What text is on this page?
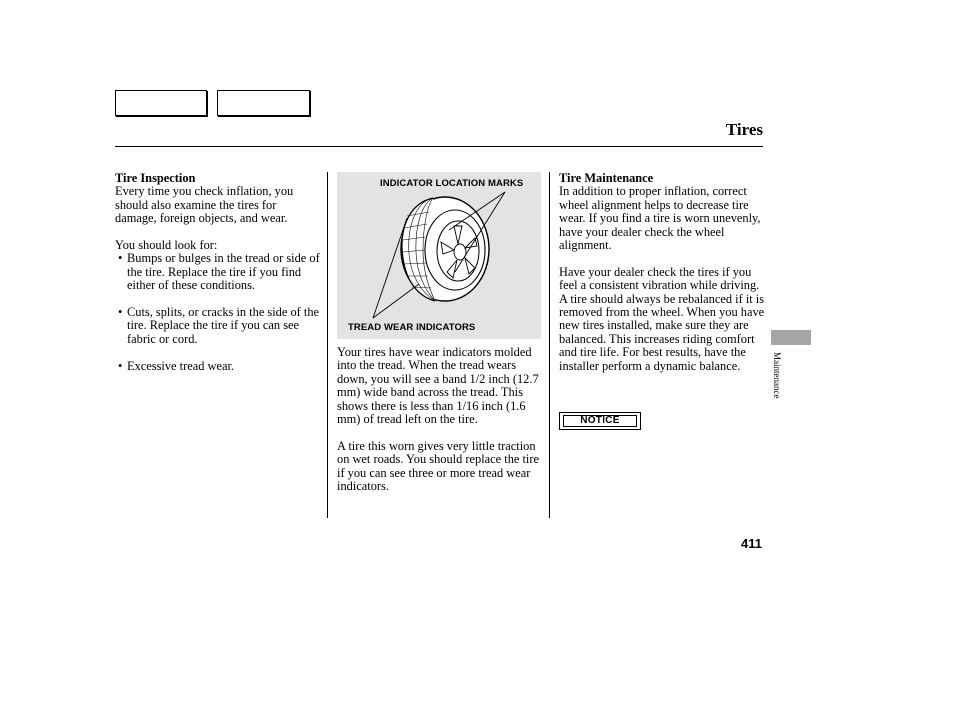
Tires

Tire Inspection

Every time you check inflation, you should also examine the tires for damage, foreign objects, and wear.

You should look for:

• Bumps or bulges in the tread or side of the tire. Replace the tire if you find either of these conditions.

• Cuts, splits, or cracks in the side of the tire. Replace the tire if you can see fabric or cord.

• Excessive tread wear.

INDICATOR LOCATION MARKS
TREAD WEAR INDICATORS

Your tires have wear indicators molded into the tread. When the tread wears down, you will see a band 1/2 inch (12.7 mm) wide band across the tread. This shows there is less than 1/16 inch (1.6 mm) of tread left on the tire.

A tire this worn gives very little traction on wet roads. You should replace the tire if you can see three or more tread wear indicators.

Tire Maintenance

In addition to proper inflation, correct wheel alignment helps to decrease tire wear. If you find a tire is worn unevenly, have your dealer check the wheel alignment.

Have your dealer check the tires if you feel a consistent vibration while driving. A tire should always be rebalanced if it is removed from the wheel. When you have new tires installed, make sure they are balanced. This increases riding comfort and tire life. For best results, have the installer perform a dynamic balance.

NOTICE
Maintenance
411
